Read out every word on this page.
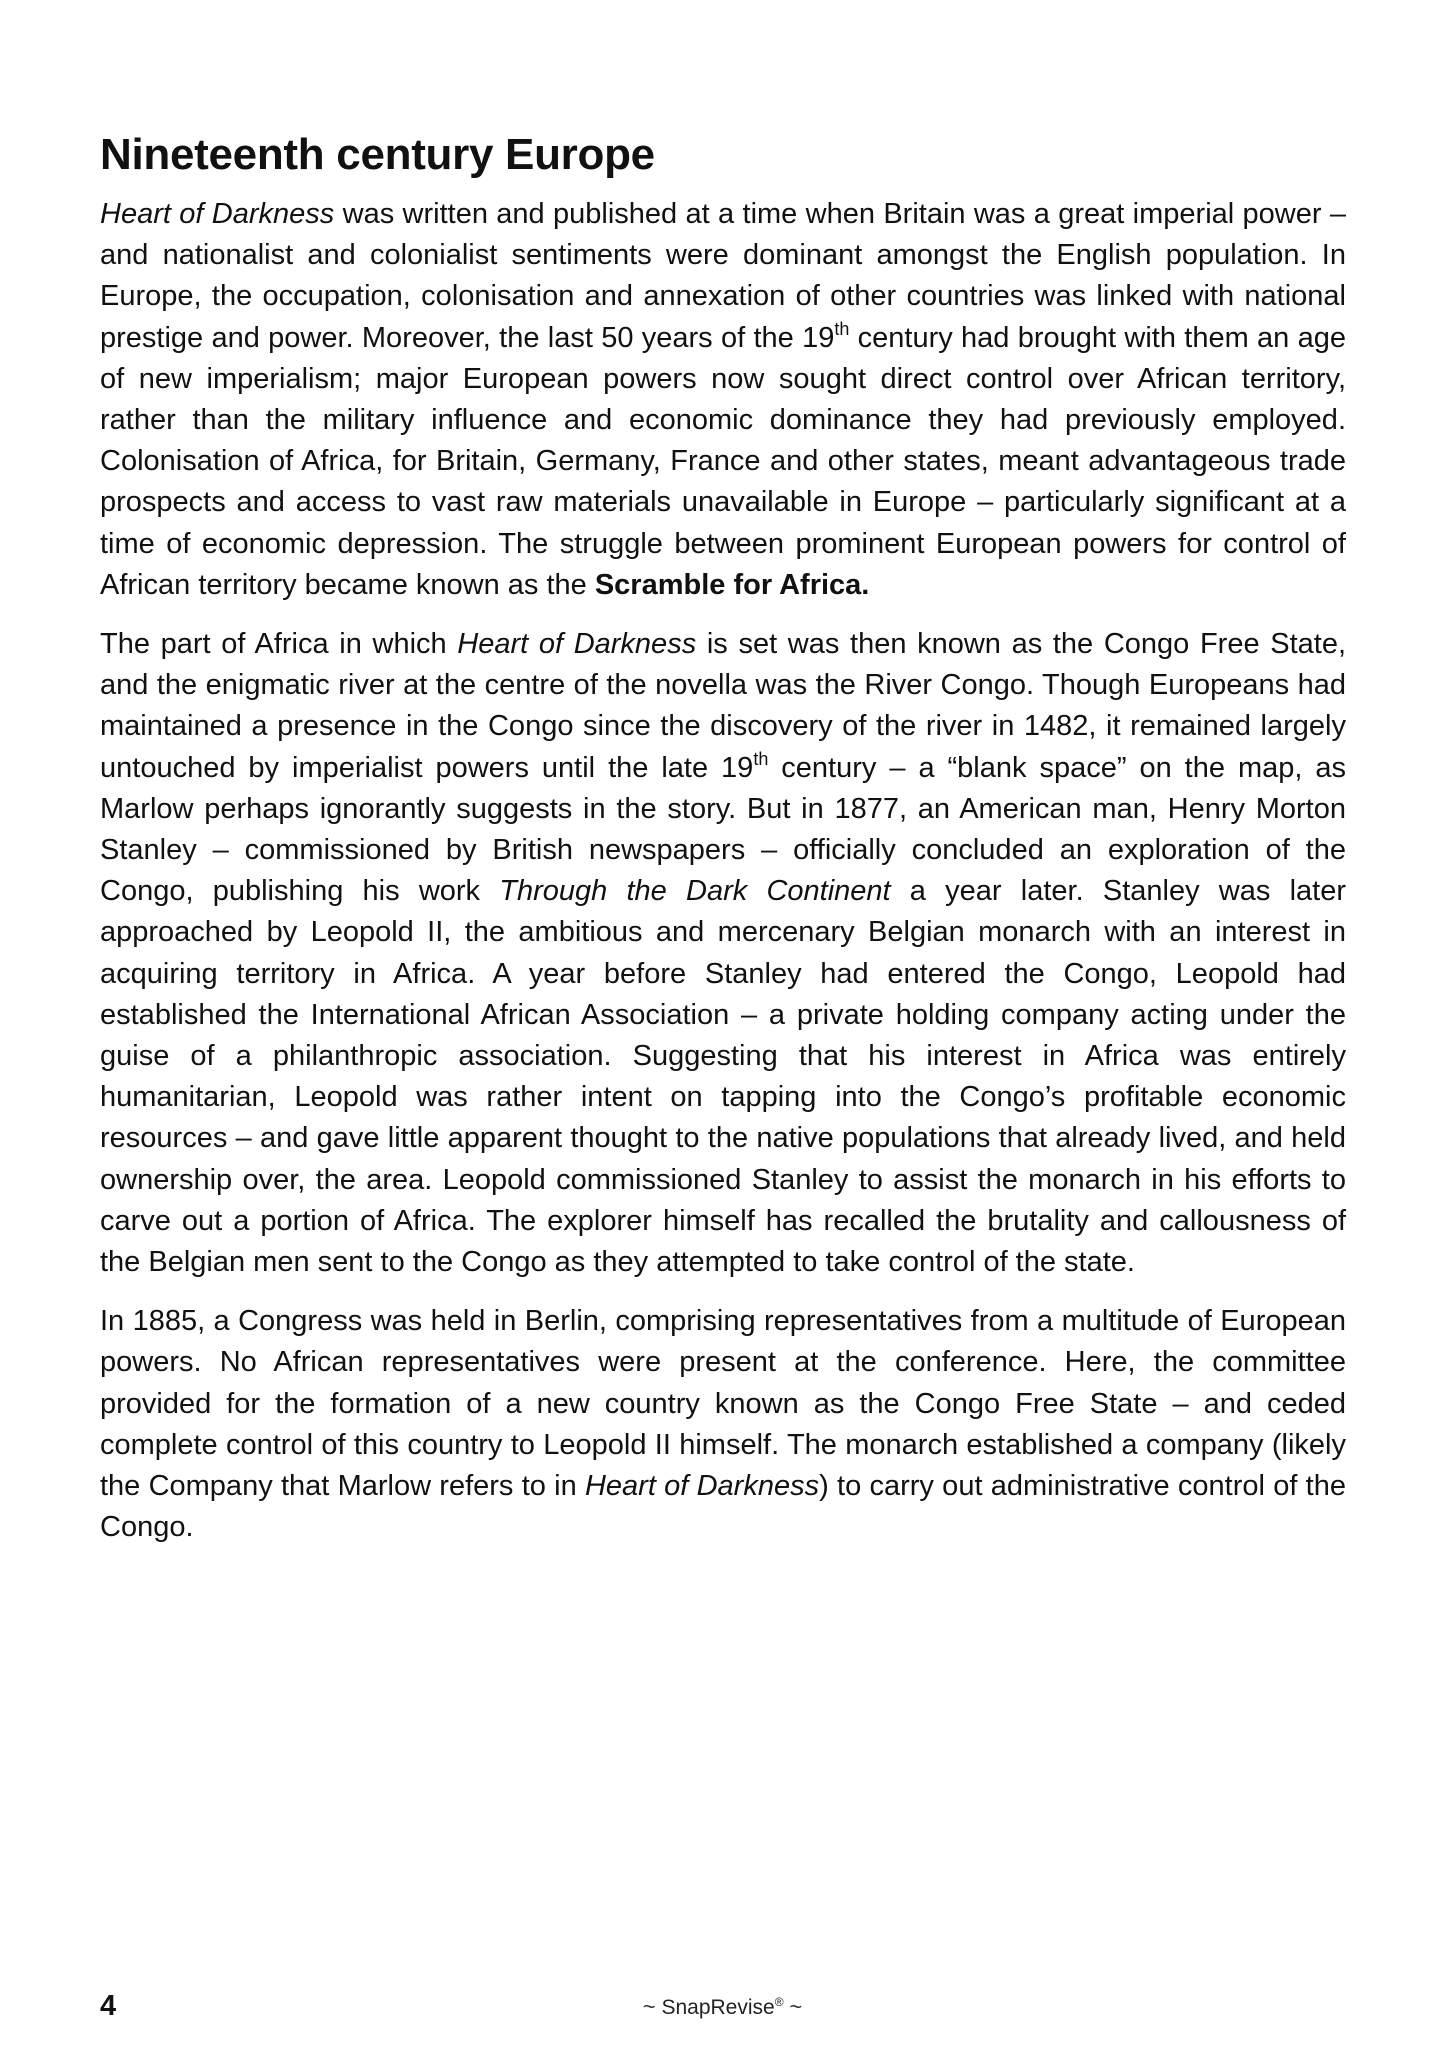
Nineteenth century Europe

Heart of Darkness was written and published at a time when Britain was a great imperial power – and nationalist and colonialist sentiments were dominant amongst the English population. In Europe, the occupation, colonisation and annexation of other countries was linked with national prestige and power. Moreover, the last 50 years of the 19th century had brought with them an age of new imperialism; major European powers now sought direct control over African territory, rather than the military influence and economic dominance they had previously employed. Colonisation of Africa, for Britain, Germany, France and other states, meant advantageous trade prospects and access to vast raw materials unavailable in Europe – particularly significant at a time of economic depression. The struggle between prominent European powers for control of African territory became known as the Scramble for Africa.

The part of Africa in which Heart of Darkness is set was then known as the Congo Free State, and the enigmatic river at the centre of the novella was the River Congo. Though Europeans had maintained a presence in the Congo since the discovery of the river in 1482, it remained largely untouched by imperialist powers until the late 19th century – a “blank space” on the map, as Marlow perhaps ignorantly suggests in the story. But in 1877, an American man, Henry Morton Stanley – commissioned by British newspapers – officially concluded an exploration of the Congo, publishing his work Through the Dark Continent a year later. Stanley was later approached by Leopold II, the ambitious and mercenary Belgian monarch with an interest in acquiring territory in Africa. A year before Stanley had entered the Congo, Leopold had established the International African Association – a private holding company acting under the guise of a philanthropic association. Suggesting that his interest in Africa was entirely humanitarian, Leopold was rather intent on tapping into the Congo’s profitable economic resources – and gave little apparent thought to the native populations that already lived, and held ownership over, the area. Leopold commissioned Stanley to assist the monarch in his efforts to carve out a portion of Africa. The explorer himself has recalled the brutality and callousness of the Belgian men sent to the Congo as they attempted to take control of the state.

In 1885, a Congress was held in Berlin, comprising representatives from a multitude of European powers. No African representatives were present at the conference. Here, the committee provided for the formation of a new country known as the Congo Free State – and ceded complete control of this country to Leopold II himself. The monarch established a company (likely the Company that Marlow refers to in Heart of Darkness) to carry out administrative control of the Congo.

4	~ SnapRevise® ~
